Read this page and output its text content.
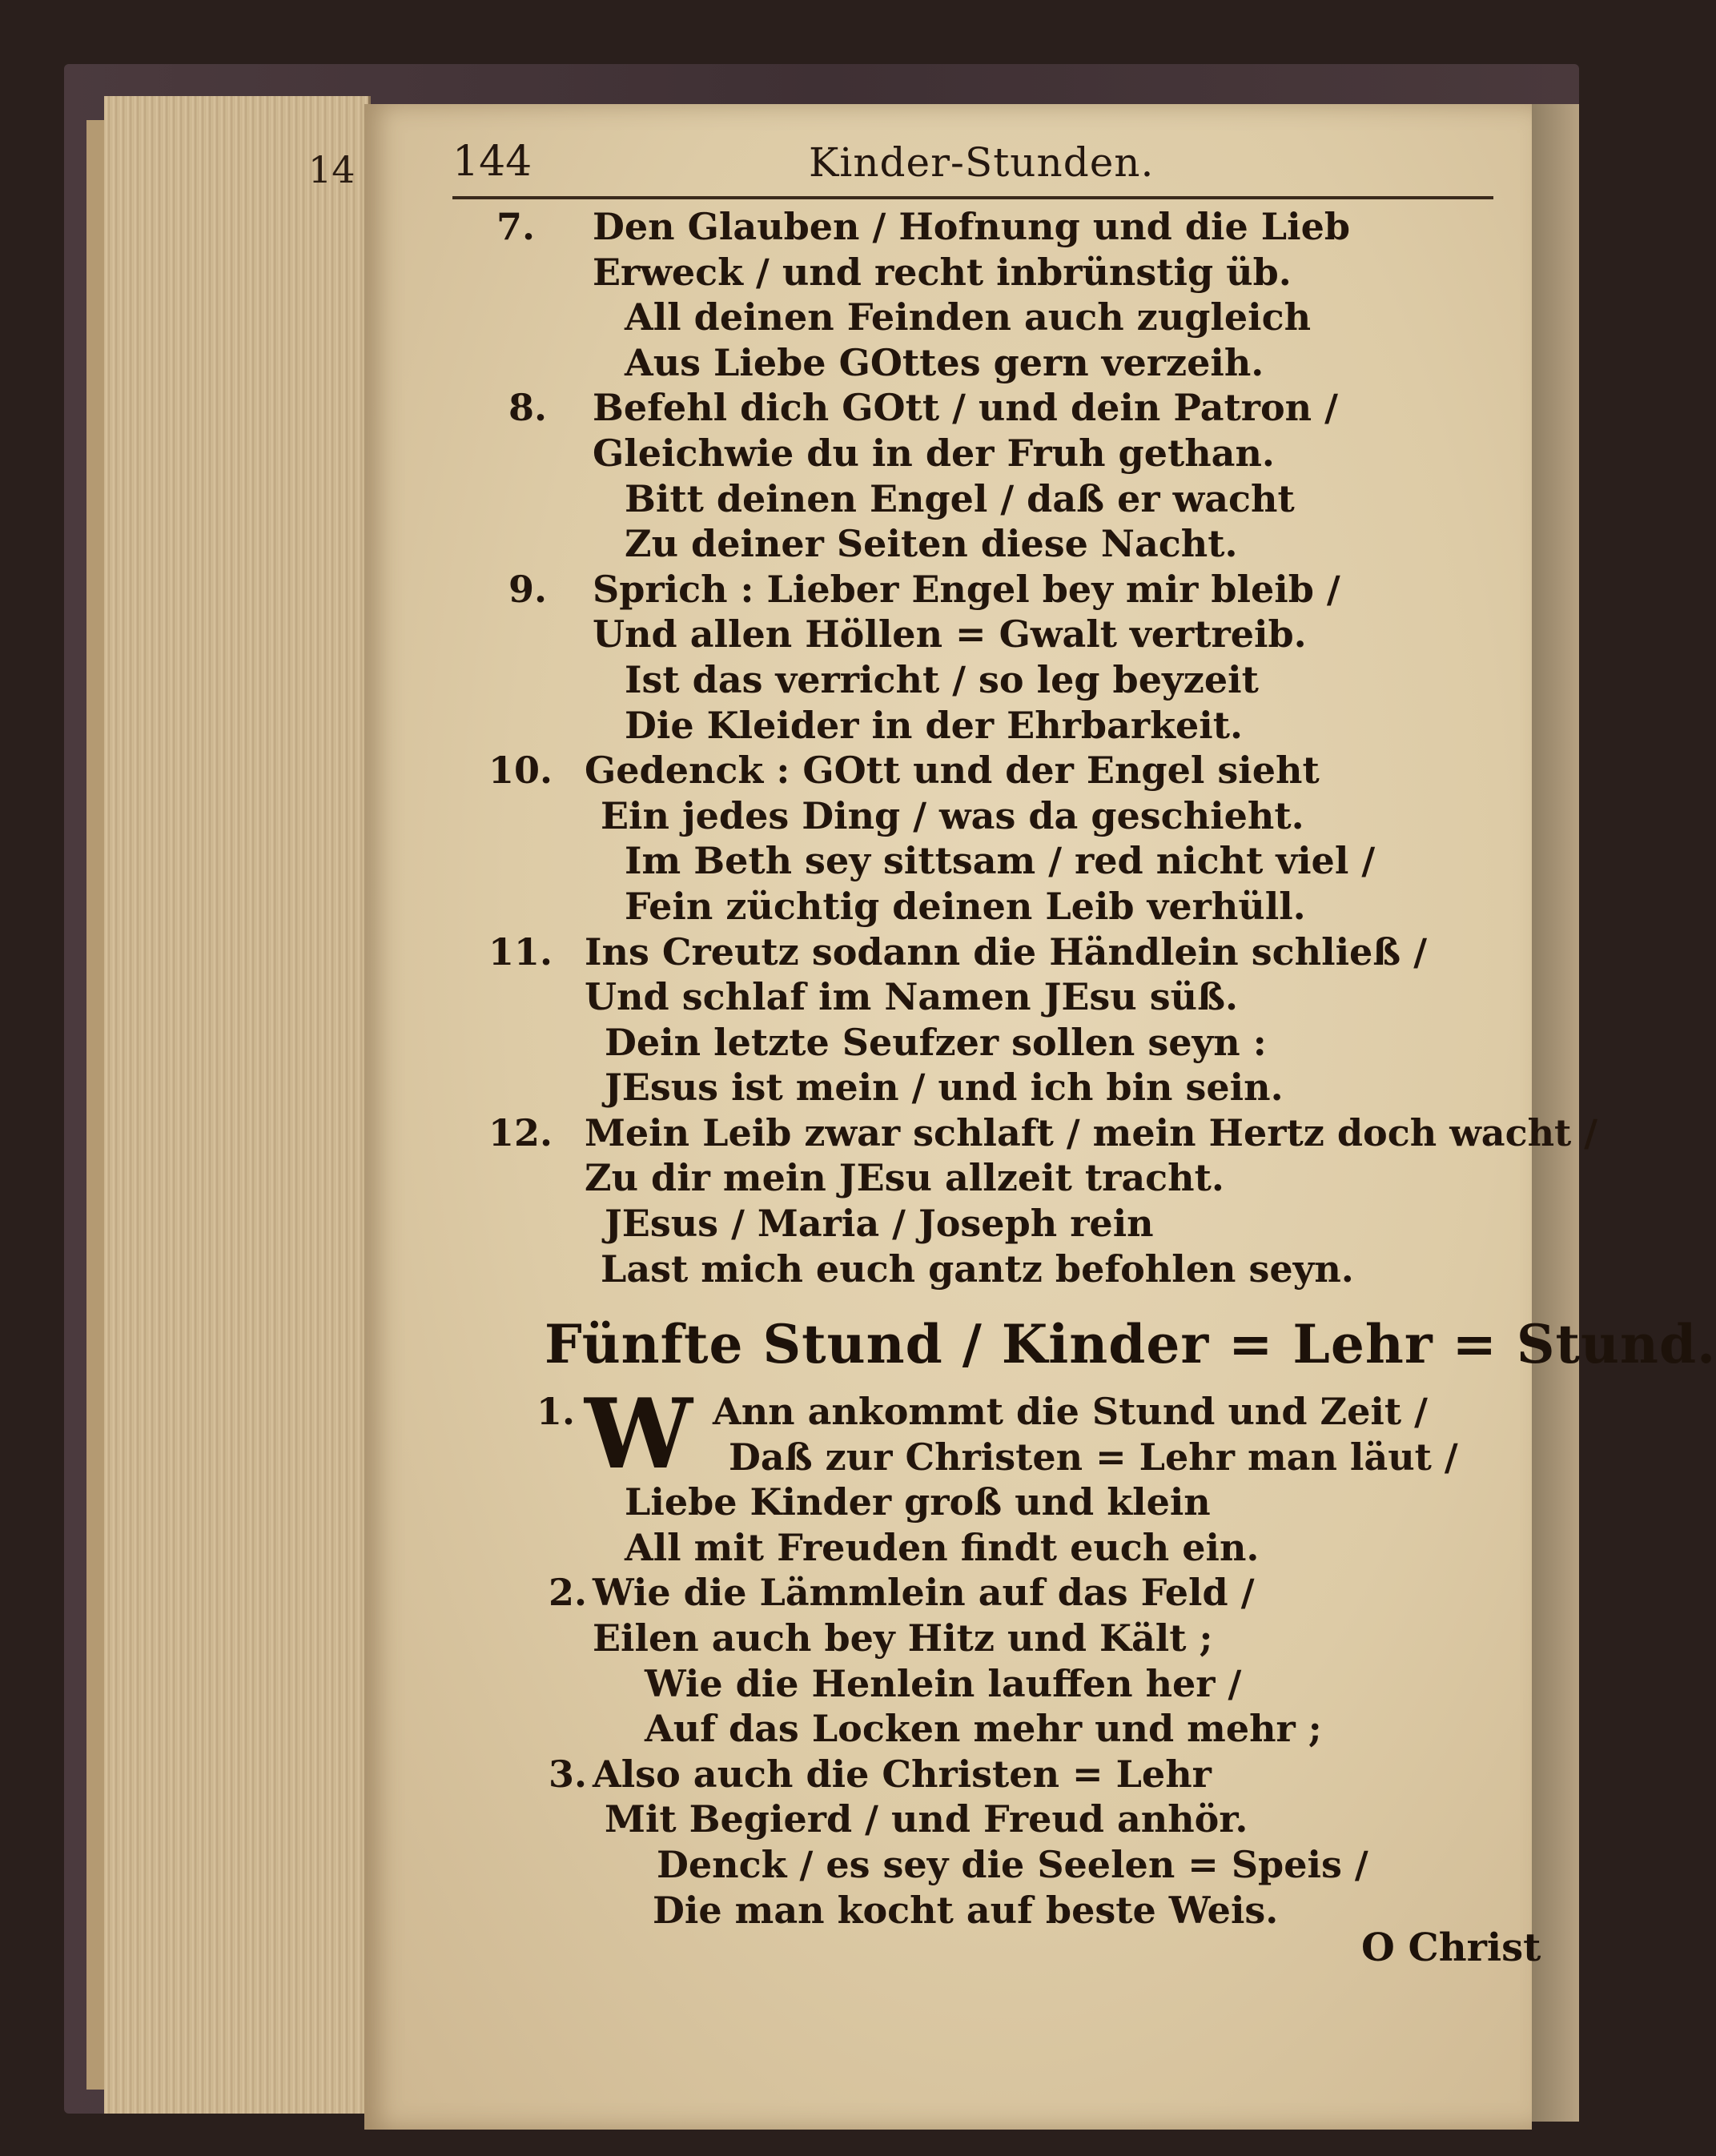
14 144	Kinder-Stunden.
7. Den Glauben / Hofnung und die Lieb
Erweck / und recht inbrünstig üb.
All deinen Feinden auch zugleich
Aus Liebe GOttes gern verzeih.
8. Befehl dich GOtt / und dein Patron /
Gleichwie du in der Fruh gethan.
Bitt deinen Engel / daß er wacht
Zu deiner Seiten diese Nacht.
9. Sprich : Lieber Engel bey mir bleib /
Und allen Höllen = Gwalt vertreib.
Ist das verricht / so leg beyzeit
Die Kleider in der Ehrbarkeit.
10. Gedenck : GOtt und der Engel sieht
Ein jedes Ding / was da geschieht.
Im Beth sey sittsam / red nicht viel /
Fein züchtig deinen Leib verhüll.
11. Ins Creutz sodann die Händlein schließ /
Und schlaf im Namen JEsu süß.
Dein letzte Seufzer sollen seyn :
JEsus ist mein / und ich bin sein.
12. Mein Leib zwar schlaft / mein Hertz doch wacht /
Zu dir mein JEsu allzeit tracht.
JEsus / Maria / Joseph rein
Last mich euch gantz befohlen seyn.
Fünfte Stund / Kinder = Lehr = Stund.
1.	Ann ankommt die Stund und Zeit /
Daß zur Christen = Lehr man läut /
Liebe Kinder groß und klein
All mit Freuden findt euch ein.
W
2. Wie die Lämmlein auf das Feld /
Eilen auch bey Hitz und Kält ;
Wie die Henlein lauffen her /
Auf das Locken mehr und mehr ;
3. Also auch die Christen = Lehr
Mit Begierd / und Freud anhör.
Denck / es sey die Seelen = Speis /
Die man kocht auf beste Weis.
O Christ
